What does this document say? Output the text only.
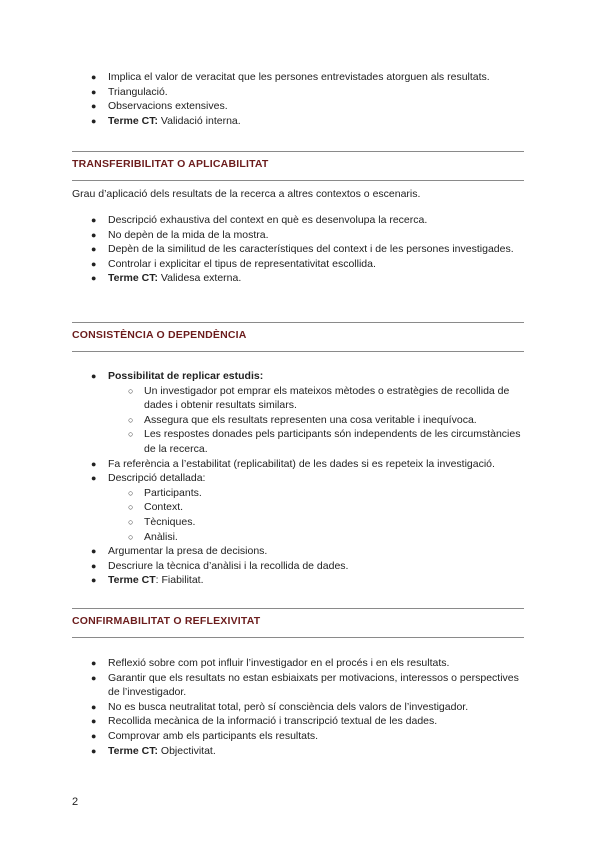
● Implica el valor de veracitat que les persones entrevistades atorguen als resultats.
● Triangulació.
● Observacions extensives.
● Terme CT: Validació interna.
TRANSFERIBILITAT O APLICABILITAT
Grau d’aplicació dels resultats de la recerca a altres contextos o escenaris.
● Descripció exhaustiva del context en què es desenvolupa la recerca.
● No depèn de la mida de la mostra.
● Depèn de la similitud de les característiques del context i de les persones investigades.
● Controlar i explicitar el tipus de representativitat escollida.
● Terme CT: Validesa externa.
CONSISTÈNCIA O DEPENDÈNCIA
● Possibilitat de replicar estudis:
○ Un investigador pot emprar els mateixos mètodes o estratègies de recollida de dades i obtenir resultats similars.
○ Assegura que els resultats representen una cosa veritable i inequívoca.
○ Les respostes donades pels participants són independents de les circumstàncies de la recerca.
● Fa referència a l’estabilitat (replicabilitat) de les dades si es repeteix la investigació.
● Descripció detallada:
○ Participants.
○ Context.
○ Tècniques.
○ Anàlisi.
● Argumentar la presa de decisions.
● Descriure la tècnica d’anàlisi i la recollida de dades.
● Terme CT: Fiabilitat.
CONFIRMABILITAT O REFLEXIVITAT
● Reflexió sobre com pot influir l’investigador en el procés i en els resultats.
● Garantir que els resultats no estan esbiaixats per motivacions, interessos o perspectives de l’investigador.
● No es busca neutralitat total, però sí consciència dels valors de l’investigador.
● Recollida mecànica de la informació i transcripció textual de les dades.
● Comprovar amb els participants els resultats.
● Terme CT: Objectivitat.
2
